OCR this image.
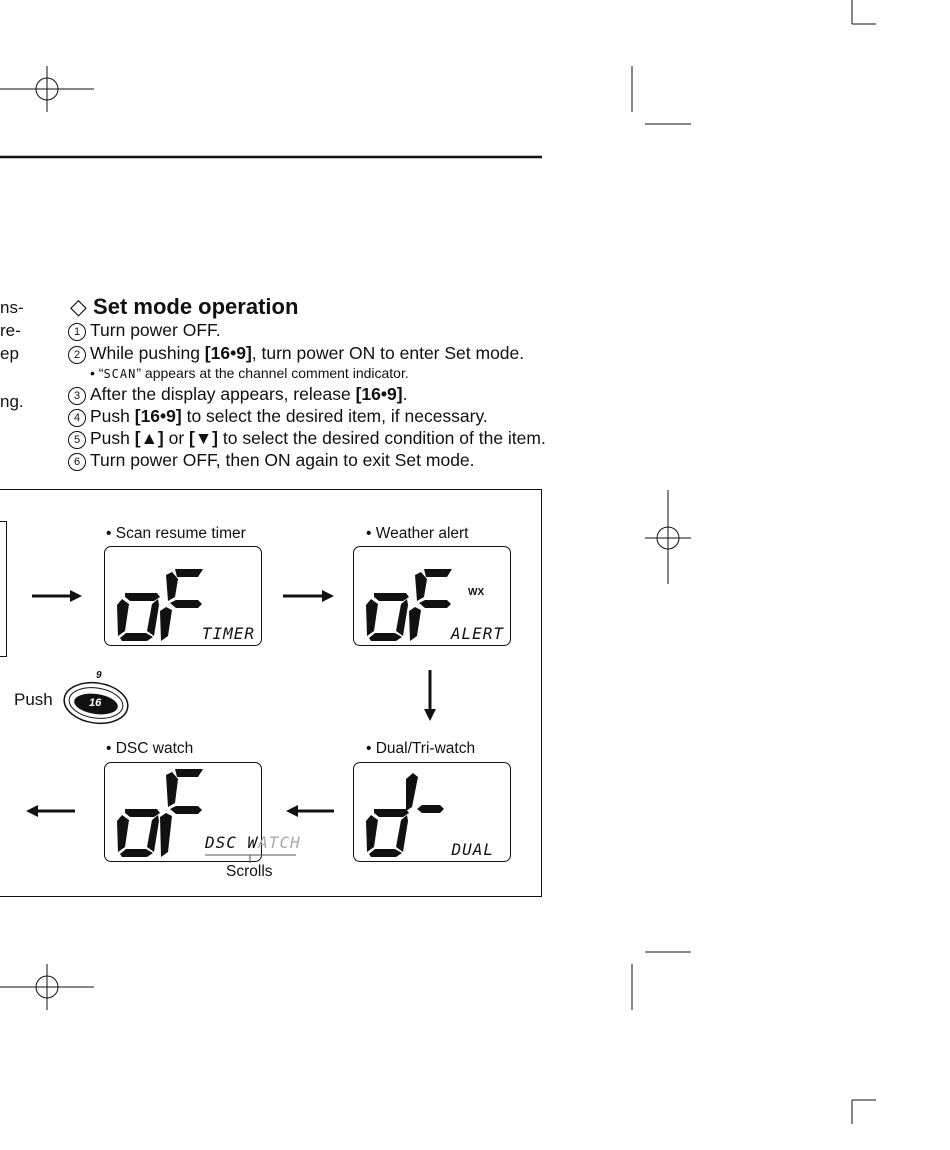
ns-
re-
ep
ng.
◇ Set mode operation
1 Turn power OFF.
2 While pushing [16•9], turn power ON to enter Set mode.
• “SCAN” appears at the channel comment indicator.
3 After the display appears, release [16•9].
4 Push [16•9] to select the desired item, if necessary.
5 Push [▲] or [▼] to select the desired condition of the item.
6 Turn power OFF, then ON again to exit Set mode.
• Scan resume timer	• Weather alert
• DSC watch	• Dual/Tri-watch
TIMER
WX
ALERT
DSC WATCH	DUAL
Push
9
16
Scrolls
